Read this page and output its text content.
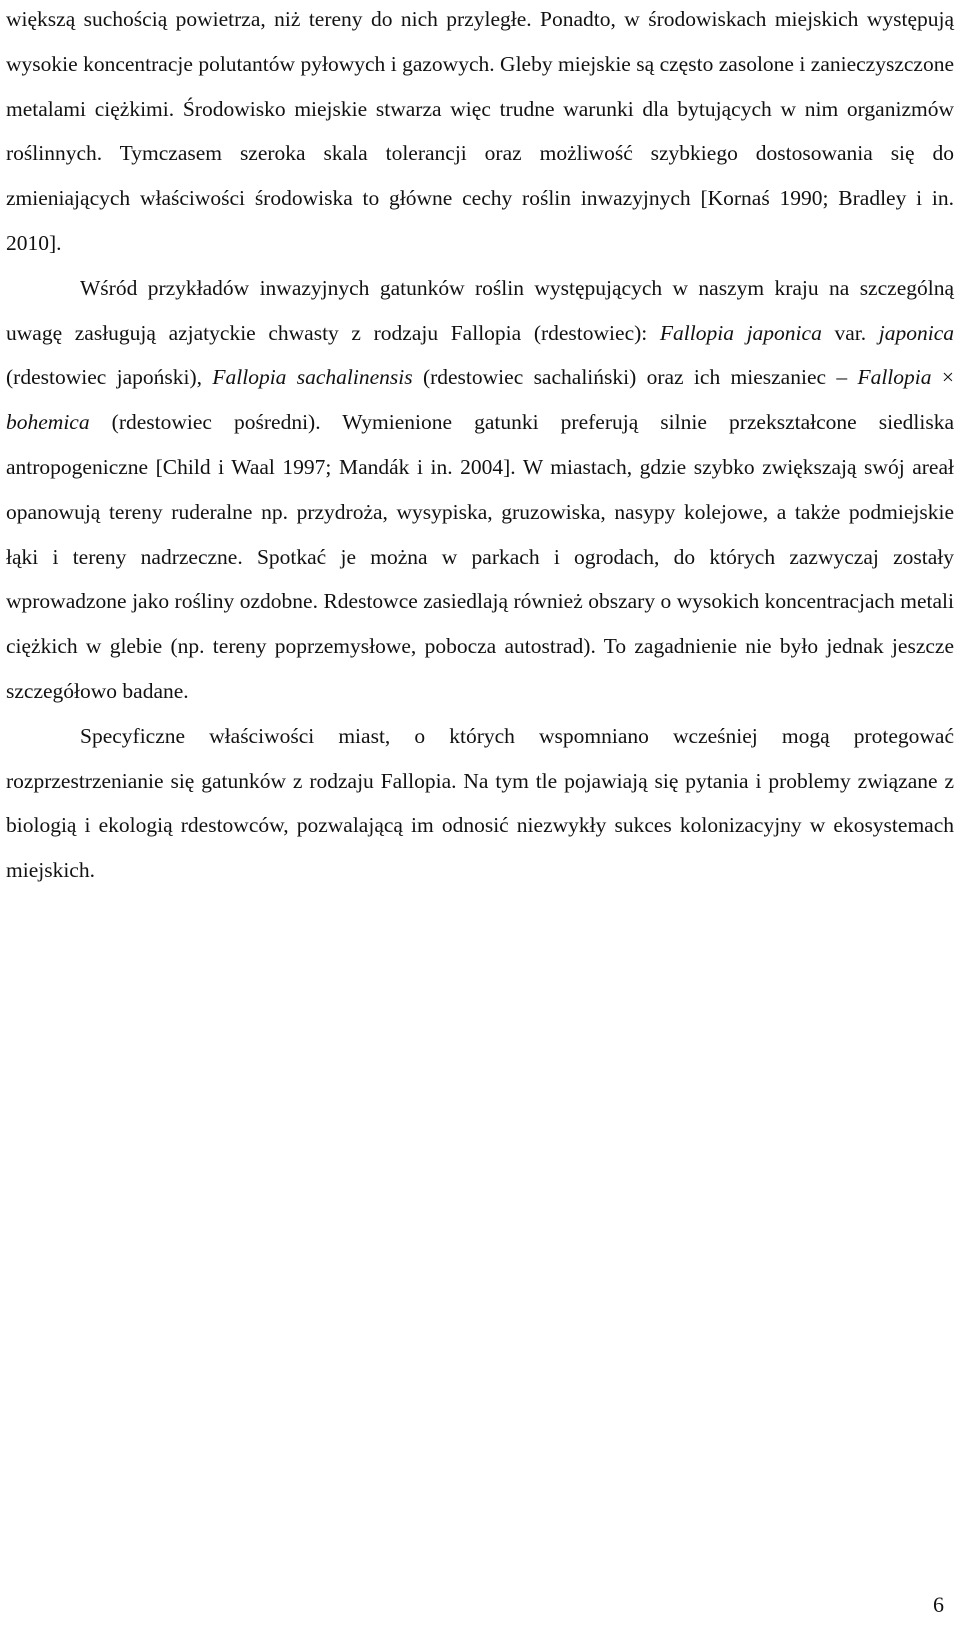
większą suchością powietrza, niż tereny do nich przyległe. Ponadto, w środowiskach miejskich występują wysokie koncentracje polutantów pyłowych i gazowych. Gleby miejskie są często zasolone i zanieczyszczone metalami ciężkimi. Środowisko miejskie stwarza więc trudne warunki dla bytujących w nim organizmów roślinnych. Tymczasem szeroka skala tolerancji oraz możliwość szybkiego dostosowania się do zmieniających właściwości środowiska to główne cechy roślin inwazyjnych [Kornaś 1990; Bradley i in. 2010].

Wśród przykładów inwazyjnych gatunków roślin występujących w naszym kraju na szczególną uwagę zasługują azjatyckie chwasty z rodzaju Fallopia (rdestowiec): Fallopia japonica var. japonica (rdestowiec japoński), Fallopia sachalinensis (rdestowiec sachaliński) oraz ich mieszaniec – Fallopia × bohemica (rdestowiec pośredni). Wymienione gatunki preferują silnie przekształcone siedliska antropogeniczne [Child i Waal 1997; Mandák i in. 2004]. W miastach, gdzie szybko zwiększają swój areał opanowują tereny ruderalne np. przydroża, wysypiska, gruzowiska, nasypy kolejowe, a także podmiejskie łąki i tereny nadrzeczne. Spotkać je można w parkach i ogrodach, do których zazwyczaj zostały wprowadzone jako rośliny ozdobne. Rdestowce zasiedlają również obszary o wysokich koncentracjach metali ciężkich w glebie (np. tereny poprzemysłowe, pobocza autostrad). To zagadnienie nie było jednak jeszcze szczegółowo badane.

Specyficzne właściwości miast, o których wspomniano wcześniej mogą protegować rozprzestrzenianie się gatunków z rodzaju Fallopia. Na tym tle pojawiają się pytania i problemy związane z biologią i ekologią rdestowców, pozwalającą im odnosić niezwykły sukces kolonizacyjny w ekosystemach miejskich.

6
